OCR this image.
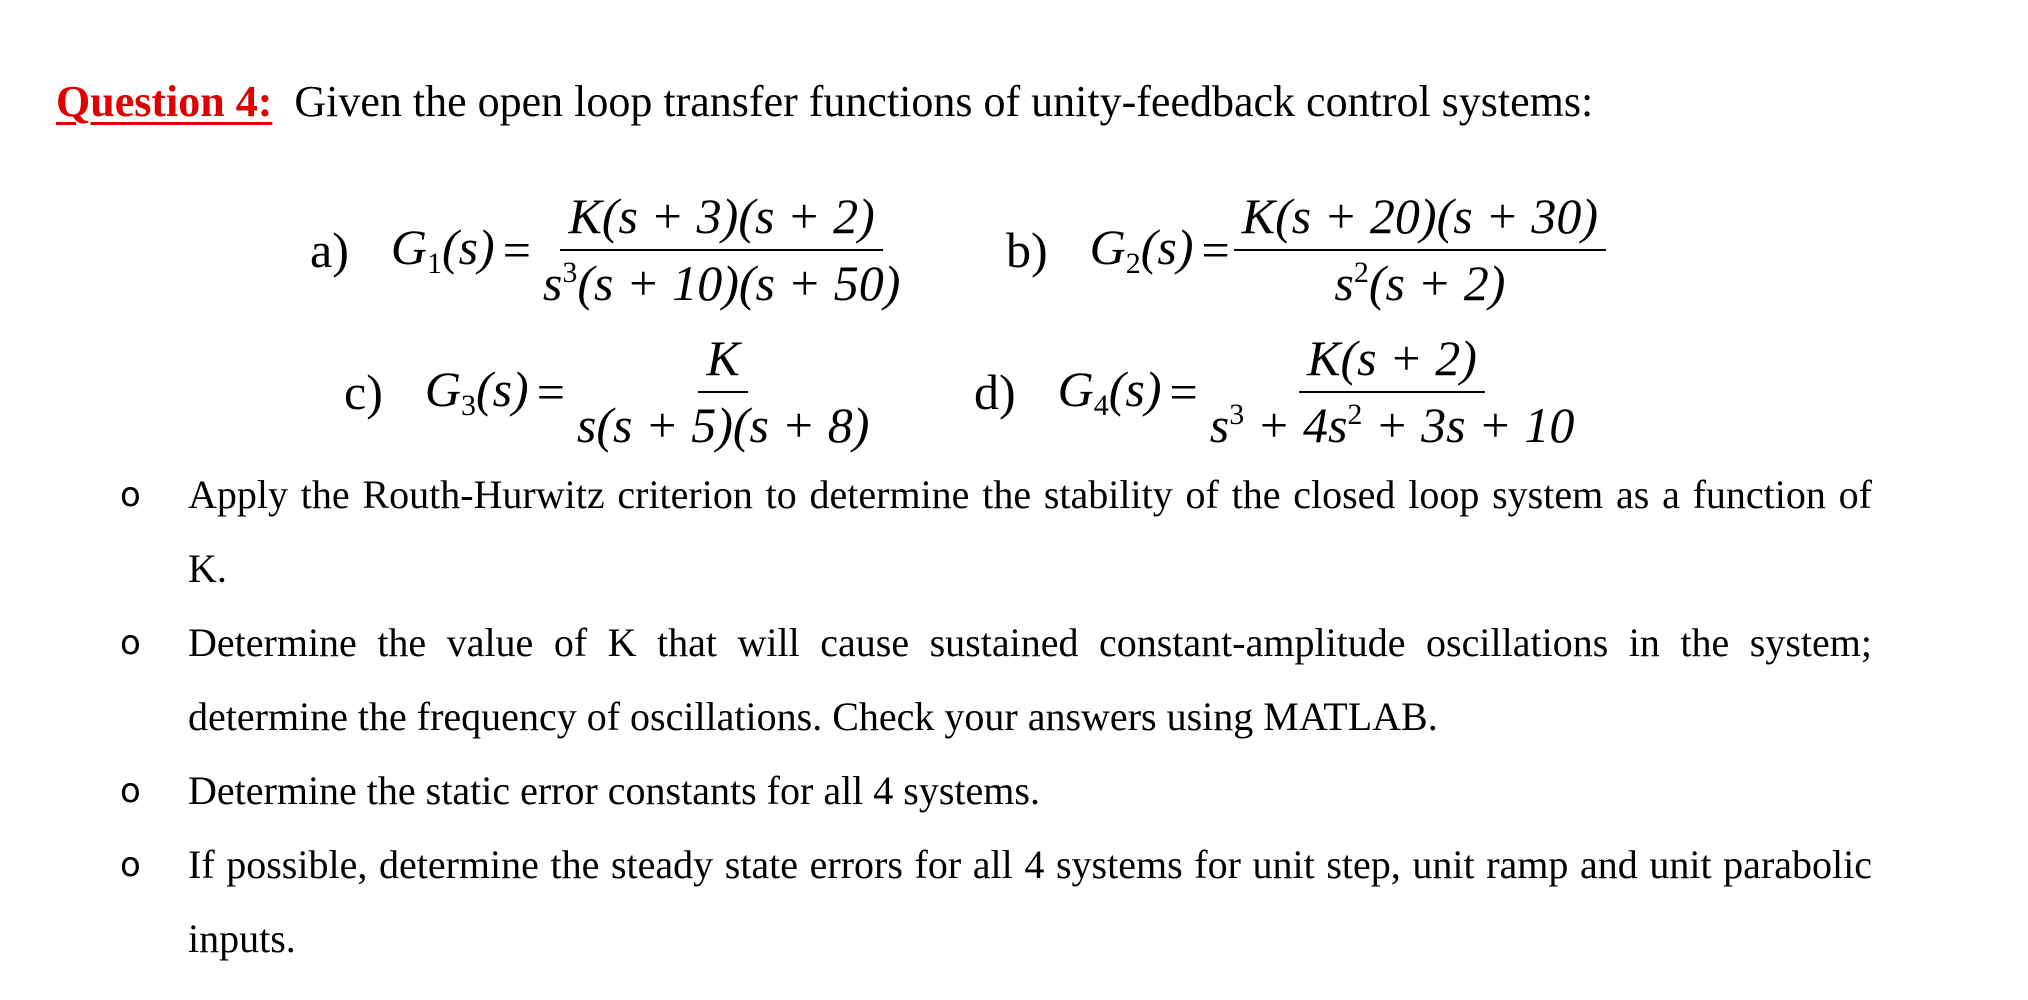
Question 4: Given the open loop transfer functions of unity-feedback control systems:
a) $G_1(s) = \frac{K(s + 3)(s + 2)}{s^3(s + 10)(s + 50)} b$) $G_2(s) = \frac{K(s + 20)(s + 30)}{s^2(s + 2)}$
c) $G_3(s) = \frac{K}{s(s + 5)(s + 8)} d$) $G_4(s) = \frac{K(s + 2)}{s^3 + 4s^2 + 3s + 10}$
o Apply the Routh-Hurwitz criterion to determine the stability of the closed loop system as a function of K.
o Determine the value of K that will cause sustained constant-amplitude oscillations in the system; determine the frequency of oscillations. Check your answers using MATLAB.
o Determine the static error constants for all 4 systems.
o If possible, determine the steady state errors for all 4 systems for unit step, unit ramp and unit parabolic inputs.
